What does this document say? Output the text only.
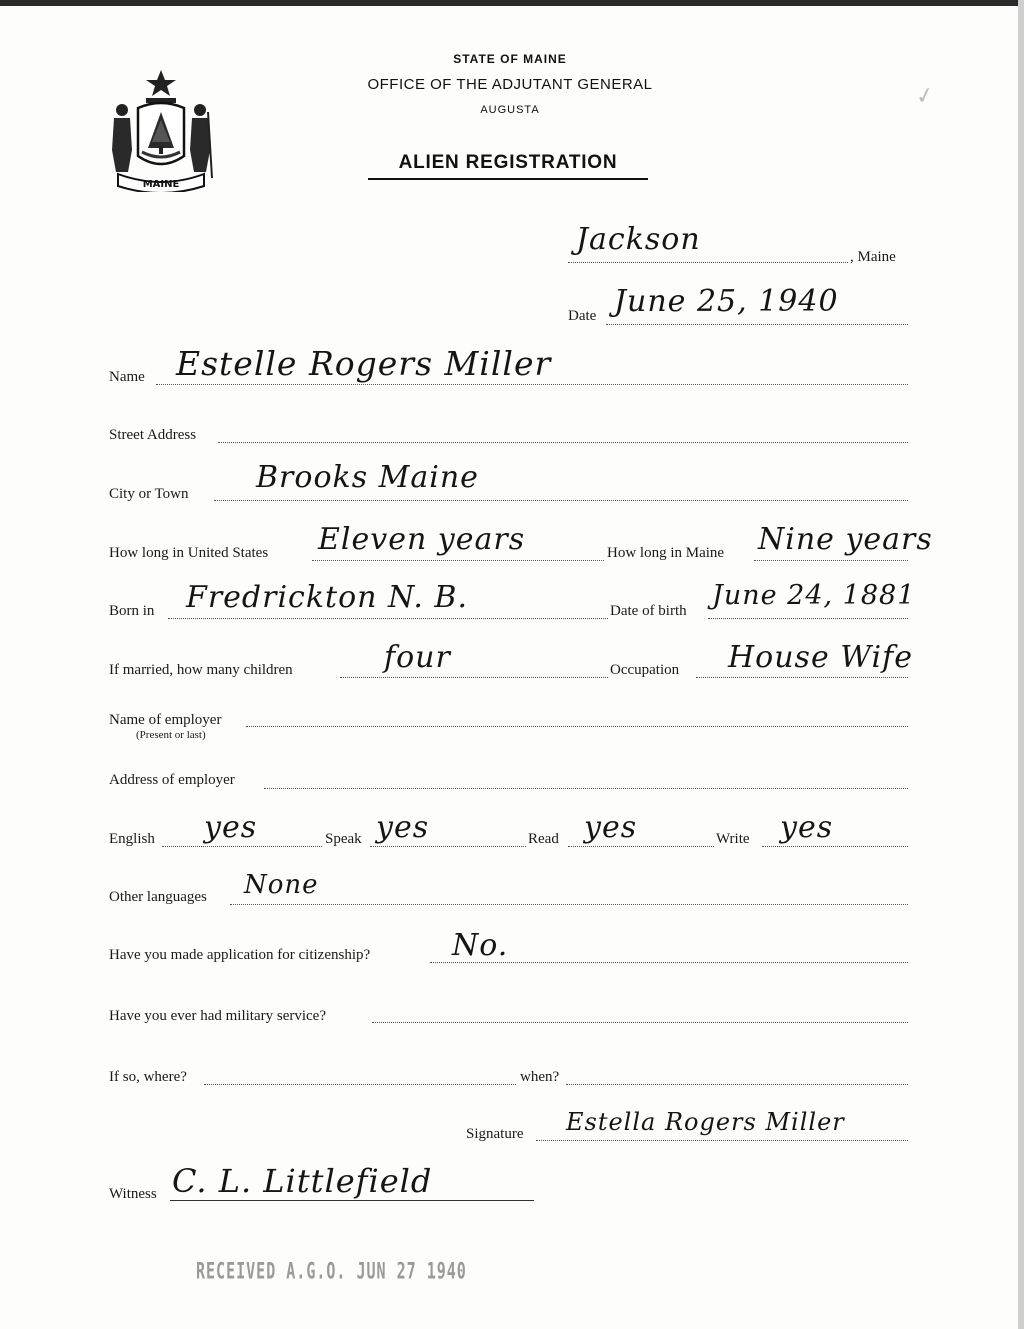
MAINE
STATE OF MAINE
OFFICE OF THE ADJUTANT GENERAL
AUGUSTA
ALIEN REGISTRATION
✓
Jackson	, Maine
Date June 25, 1940
Name Estelle Rogers Miller
Street Address
City or Town Brooks Maine
How long in United States Eleven years	How long in Maine Nine years
Born in Fredrickton N. B.	Date of birth June 24, 1881
If married, how many children	four	Occupation House Wife
Name of employer
(Present or last)
Address of employer
English yes	Speak yes	Read yes	Write yes
Other languages None
Have you made application for citizenship?	No.
Have you ever had military service?
If so, where?	when?
Signature Estella Rogers Miller
Witness C. L. Littlefield
RECEIVED A.G.O. JUN 27 1940
